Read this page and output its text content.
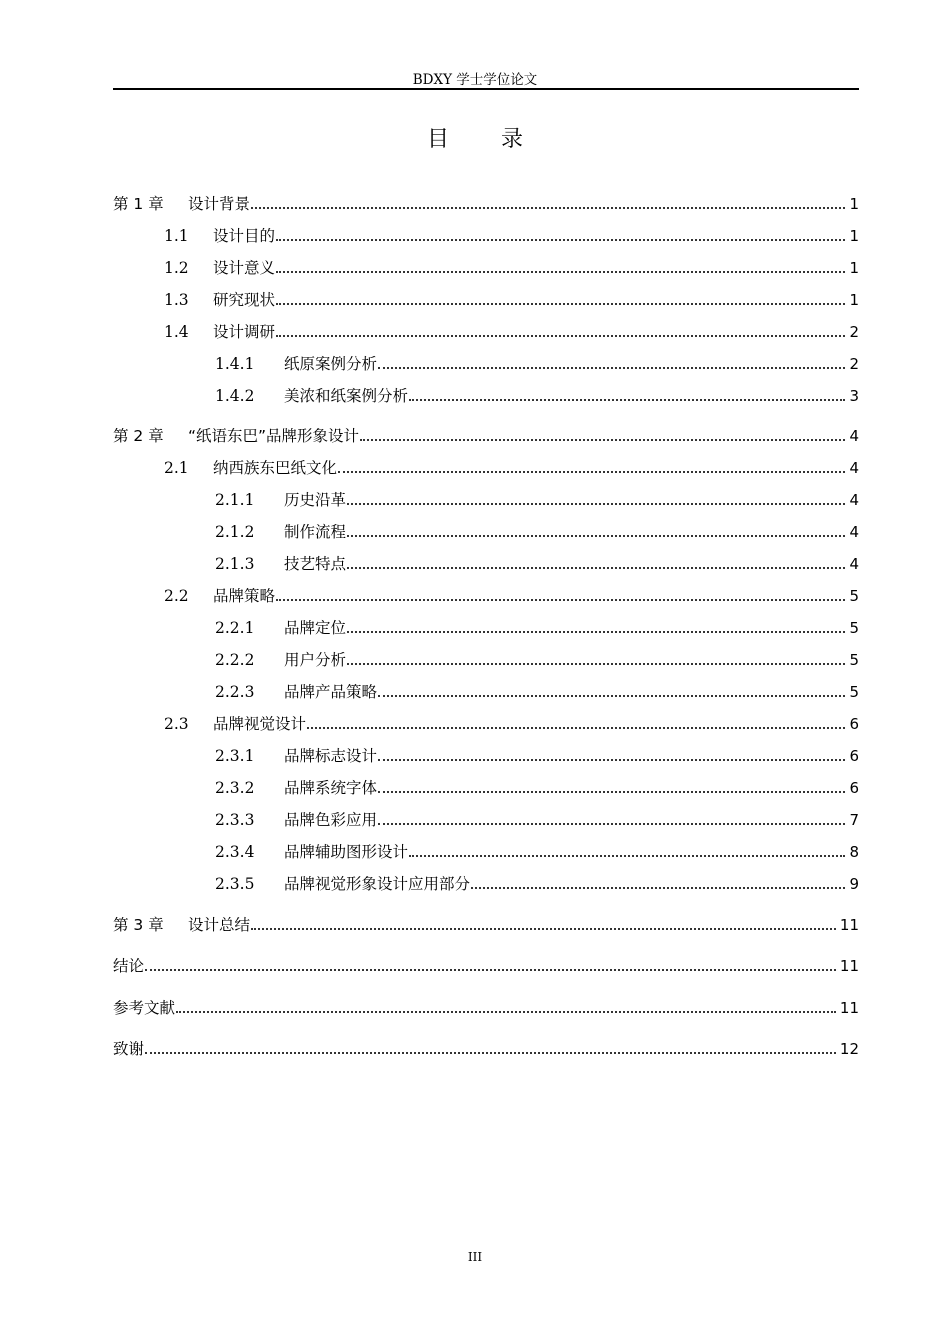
BDXY 学士学位论文
目录
第 1 章	设计背景	1
1.1	设计目的	1
1.2	设计意义	1
1.3	研究现状	1
1.4	设计调研	2
1.4.1	纸原案例分析	2
1.4.2	美浓和纸案例分析	3
第 2 章	“纸语东巴”品牌形象设计	4
2.1	纳西族东巴纸文化	4
2.1.1	历史沿革	4
2.1.2	制作流程	4
2.1.3	技艺特点	4
2.2	品牌策略	5
2.2.1	品牌定位	5
2.2.2	用户分析	5
2.2.3	品牌产品策略	5
2.3	品牌视觉设计	6
2.3.1	品牌标志设计	6
2.3.2	品牌系统字体	6
2.3.3	品牌色彩应用	7
2.3.4	品牌辅助图形设计	8
2.3.5	品牌视觉形象设计应用部分	9
第 3 章	设计总结	11
结论	11
参考文献	11
致谢	12
III
